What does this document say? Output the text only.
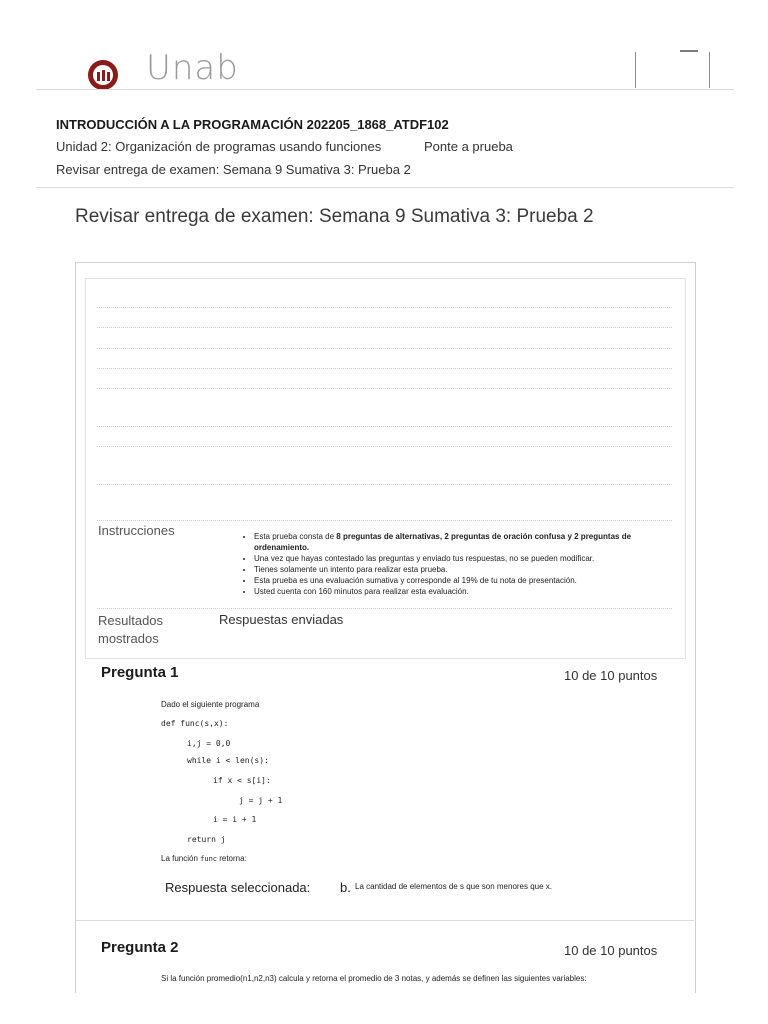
Unab
INTRODUCCIÓN A LA PROGRAMACIÓN 202205_1868_ATDF102
Unidad 2: Organización de programas usando funciones	Ponte a prueba
Revisar entrega de examen: Semana 9 Sumativa 3: Prueba 2
Revisar entrega de examen: Semana 9 Sumativa 3: Prueba 2
Instrucciones
•	Esta prueba consta de 8 preguntas de alternativas, 2 preguntas de oración confusa y 2 preguntas de ordenamiento.
• Una vez que hayas contestado las preguntas y enviado tus respuestas, no se pueden modificar.
• Tienes solamente un intento para realizar esta prueba.
• Esta prueba es una evaluación sumativa y corresponde al 19% de tu nota de presentación.
• Usted cuenta con 160 minutos para realizar esta evaluación.
Resultados
mostrados
Respuestas enviadas
Pregunta 1	10 de 10 puntos
Dado el siguiente programa
def func(s,x):
i,j = 0,0
while i < len(s):
if x < s[i]:
j = j + 1
i = i + 1
return j
La función func retorna:
Respuesta seleccionada: b. La cantidad de elementos de s que son menores que x.
Pregunta 2	10 de 10 puntos
Si la función promedio(n1,n2,n3) calcula y retorna el promedio de 3 notas, y además se definen las siguientes variables:
